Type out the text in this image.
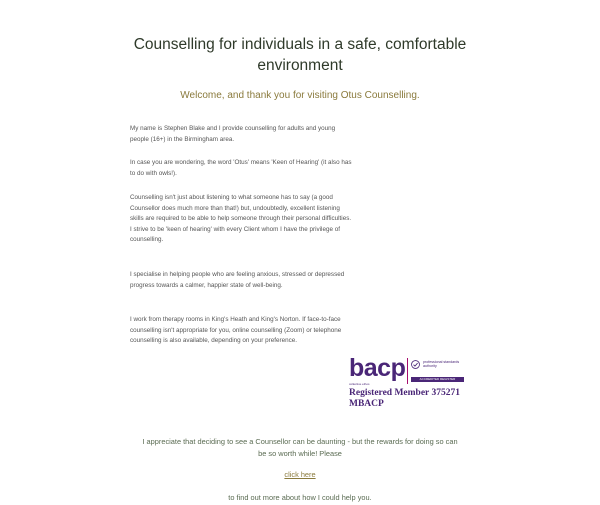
Counselling for individuals in a safe, comfortable environment

Welcome, and thank you for visiting Otus Counselling.

My name is Stephen Blake and I provide counselling for adults and young people (16+) in the Birmingham area.

In case you are wondering, the word 'Otus' means 'Keen of Hearing' (it also has to do with owls!).

Counselling isn't just about listening to what someone has to say (a good Counsellor does much more than that!) but, undoubtedly, excellent listening skills are required to be able to help someone through their personal difficulties. I strive to be 'keen of hearing' with every Client whom I have the privilege of counselling.

I specialise in helping people who are feeling anxious, stressed or depressed progress towards a calmer, happier state of well-being.

I work from therapy rooms in King's Heath and King's Norton. If face-to-face counselling isn't appropriate for you, online counselling (Zoom) or telephone counselling is also available, depending on your preference.

bacp
collective ethos
professional standards authority
ACCREDITED REGISTER
Registered Member 375271
MBACP

I appreciate that deciding to see a Counsellor can be daunting - but the rewards for doing so can be so worth while! Please

click here

to find out more about how I could help you.
